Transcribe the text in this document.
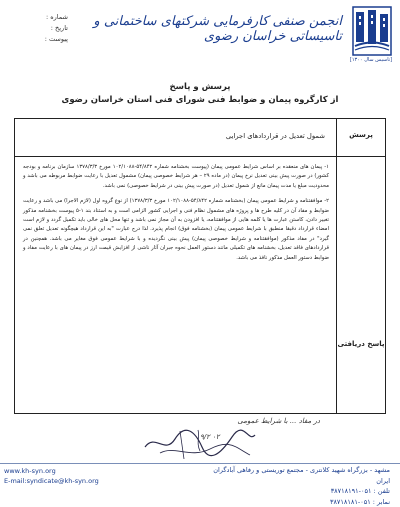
[تاسیس سال ۱۳۰۰]
انجمن صنفی کارفرمایی شرکتهای ساختمانی و تاسیساتی خراسان رضوی
شماره :
تاریخ :
پیوست :
پرسش و پاسخ
از کارگروه پیمان و ضوابط فنی شورای فنی استان خراسان رضوی
پرسش
شمول تعدیل در قراردادهای اجرایی
پاسخ دریافتی

۱- پیمان های منعقده بر اساس شرایط عمومی پیمان (پیوست بخشنامه شماره ۵۴/۸۴۲-۱۰۲/۱۰۸۸ مورخ ۱۳۷۸/۳/۳ سازمان برنامه و بودجه کشور) در صورت پیش بینی تعدیل نرخ پیمان (در ماده ۲۹ – هر شرایط خصوصی پیمان) مشمول تعدیل با رعایت ضوابط مربوطه می باشد و محدودیت مبلغ یا مدت پیمان مانع از شمول تعدیل (در صورت پیش بینی در شرایط خصوصی) نمی باشد.

۲- موافقتنامه و شرایط عمومی پیمان (بخشنامه شماره ۵۴/۸۴۲-۱۰۲/۱۰۸۸ مورخ ۱۳۷۸/۳/۳) از نوع گروه اول (لازم الاجرا) می باشد و رعایت ضوابط و مفاد آن در کلیه طرح ها و پروژه های مشمول نظام فنی و اجرایی کشور الزامی است و به استناد بند ۱-۵ پیوست بخشنامه مذکور تغییر دادن، کاستن عبارت ها یا کلمه هایی از موافقتنامه، یا افزودن به آن مجاز نمی باشد و تنها محل های خالی باید تکمیل گردد و لازم است امضاء قرارداد دقیقا منطبق با شرایط عمومی پیمان (بخشنامه فوق) انجام پذیرد. لذا درج عبارت "به این قرارداد هیچگونه تعدیل تعلق نمی گیرد" در مفاد مذکور (موافقتنامه و شرایط خصوصی پیمان) پیش بینی نگردیده و با شرایط عمومی فوق مغایر می باشد. همچنین در قراردادهای فاقد تعدیل، بخشنامه های تکمیلی مانند دستور العمل نحوه جبران آثار ناشی از افزایش قیمت ارز در پیمان های با رعایت مفاد و ضوابط دستور العمل مذکور نافذ می باشد.

در مفاد ... با شرایط عمومی
۹/۲ ۰۲
www.kh-syn.org
E-mail:syndicate@kh-syn.org
مشهد - بزرگراه شهید کلانتری - مجتمع توریستی و رفاهی آبادگران ایران
تلفن : ۰۵۱-۳۸۷۱۸۱۹۱
نمابر : ۰۵۱-۳۸۷۱۸۱۸۱
